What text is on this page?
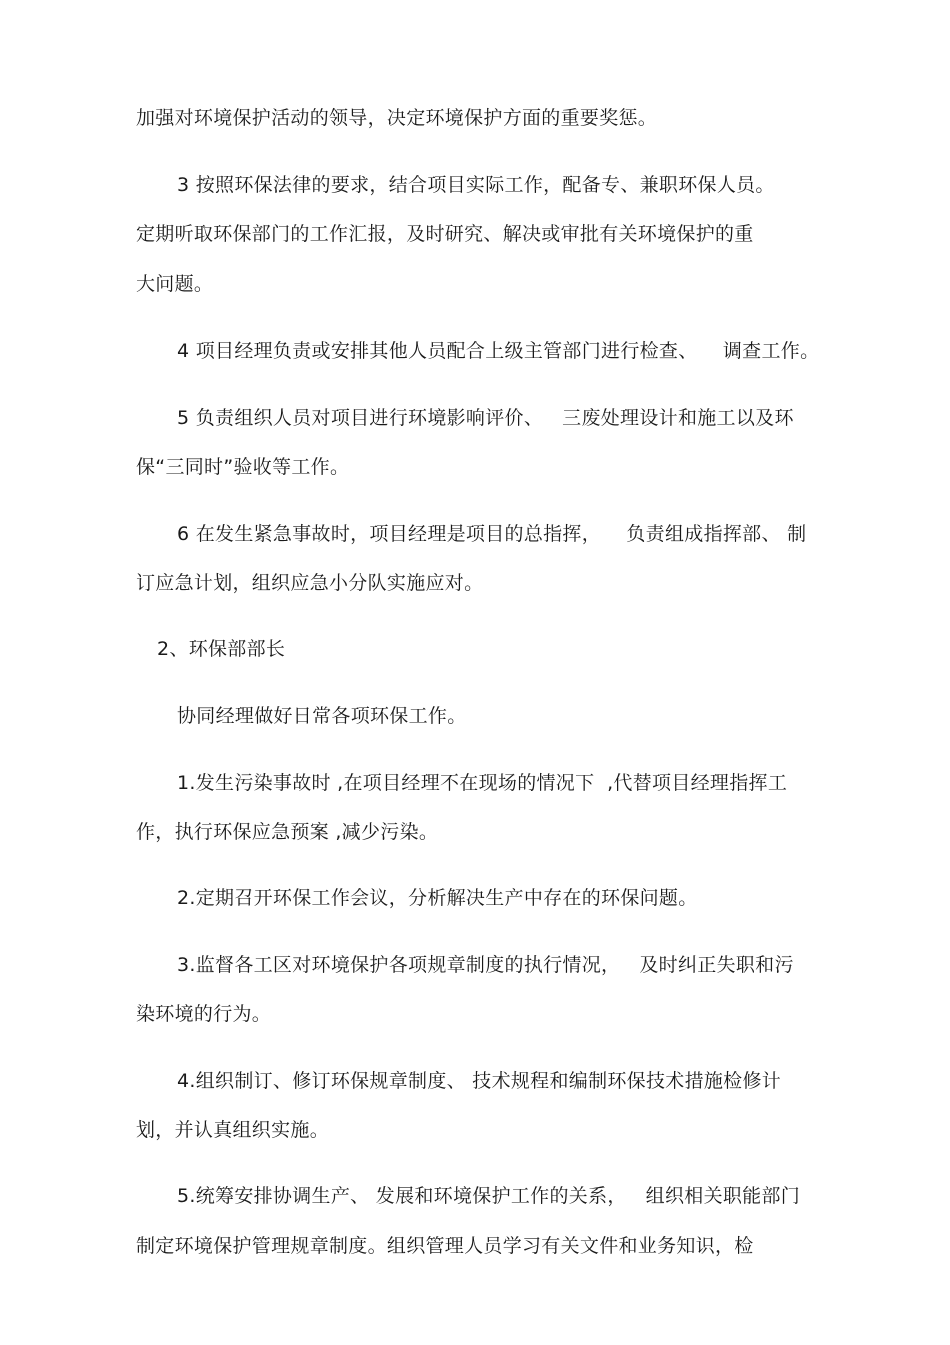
加强对环境保护活动的领导，决定环境保护方面的重要奖惩。
3 按照环保法律的要求，结合项目实际工作，配备专、兼职环保人员。
定期听取环保部门的工作汇报，及时研究、解决或审批有关环境保护的重
大问题。
4 项目经理负责或安排其他人员配合上级主管部门进行检查、    调查工作。
5 负责组织人员对项目进行环境影响评价、   三废处理设计和施工以及环
保“三同时”验收等工作。
6 在发生紧急事故时，项目经理是项目的总指挥，    负责组成指挥部、 制
订应急计划，组织应急小分队实施应对。
2、环保部部长
协同经理做好日常各项环保工作。
1.发生污染事故时 ,在项目经理不在现场的情况下  ,代替项目经理指挥工
作，执行环保应急预案 ,减少污染。
2.定期召开环保工作会议，分析解决生产中存在的环保问题。
3.监督各工区对环境保护各项规章制度的执行情况，   及时纠正失职和污
染环境的行为。
4.组织制订、修订环保规章制度、 技术规程和编制环保技术措施检修计
划，并认真组织实施。
5.统筹安排协调生产、 发展和环境保护工作的关系，   组织相关职能部门
制定环境保护管理规章制度。组织管理人员学习有关文件和业务知识，检
